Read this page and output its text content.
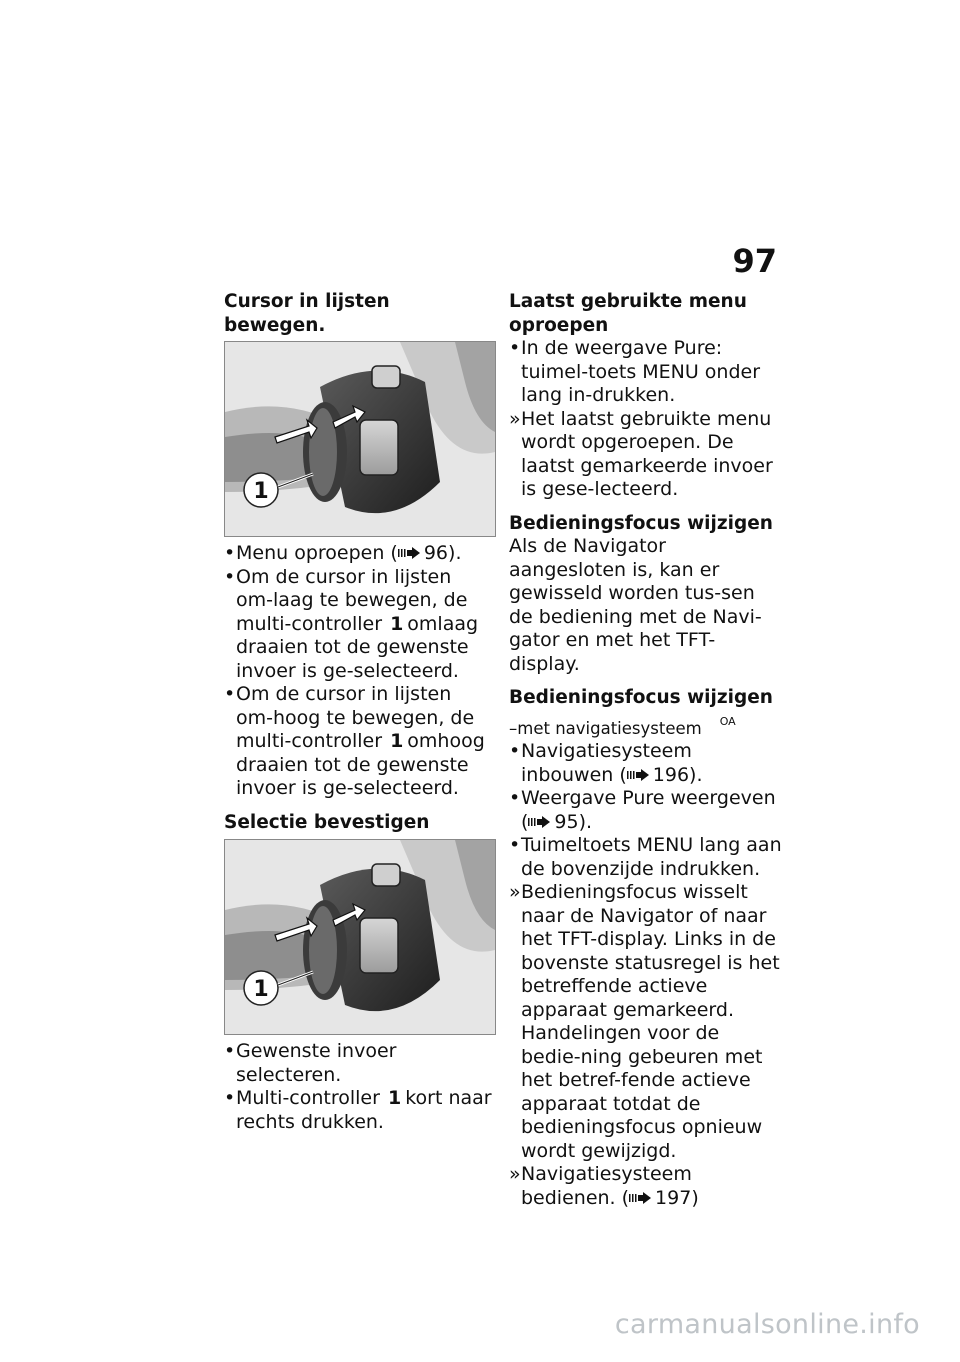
97
Cursor in lijsten bewegen.
1
• Menu oproepen ( 96).
• Om de cursor in lijsten om-laag te bewegen, de multi-controller 1 omlaag draaien tot de gewenste invoer is ge-selecteerd.
• Om de cursor in lijsten om-hoog te bewegen, de multi-controller 1 omhoog draaien tot de gewenste invoer is ge-selecteerd.
Selectie bevestigen
1
• Gewenste invoer selecteren.
• Multi-controller 1 kort naar rechts drukken.
Laatst gebruikte menu oproepen
• In de weergave Pure: tuimel-toets MENU onder lang in-drukken.
» Het laatst gebruikte menu wordt opgeroepen. De laatst gemarkeerde invoer is gese-lecteerd.
Bedieningsfocus wijzigen

Als de Navigator aangesloten is, kan er gewisseld worden tus-sen de bediening met de Navi-gator en met het TFT-display.

Bedieningsfocus wijzigen

–met navigatiesysteem $^{OA}$

• Navigatiesysteem inbouwen ( 196).
• Weergave Pure weergeven ( 95).
• Tuimeltoets MENU lang aan de bovenzijde indrukken.
» Bedieningsfocus wisselt naar de Navigator of naar het TFT-display. Links in de bovenste statusregel is het betreffende actieve apparaat gemarkeerd. Handelingen voor de bedie-ning gebeuren met het betref-fende actieve apparaat totdat de bedieningsfocus opnieuw wordt gewijzigd.
» Navigatiesysteem bedienen. ( 197)
carmanualsonline.info
